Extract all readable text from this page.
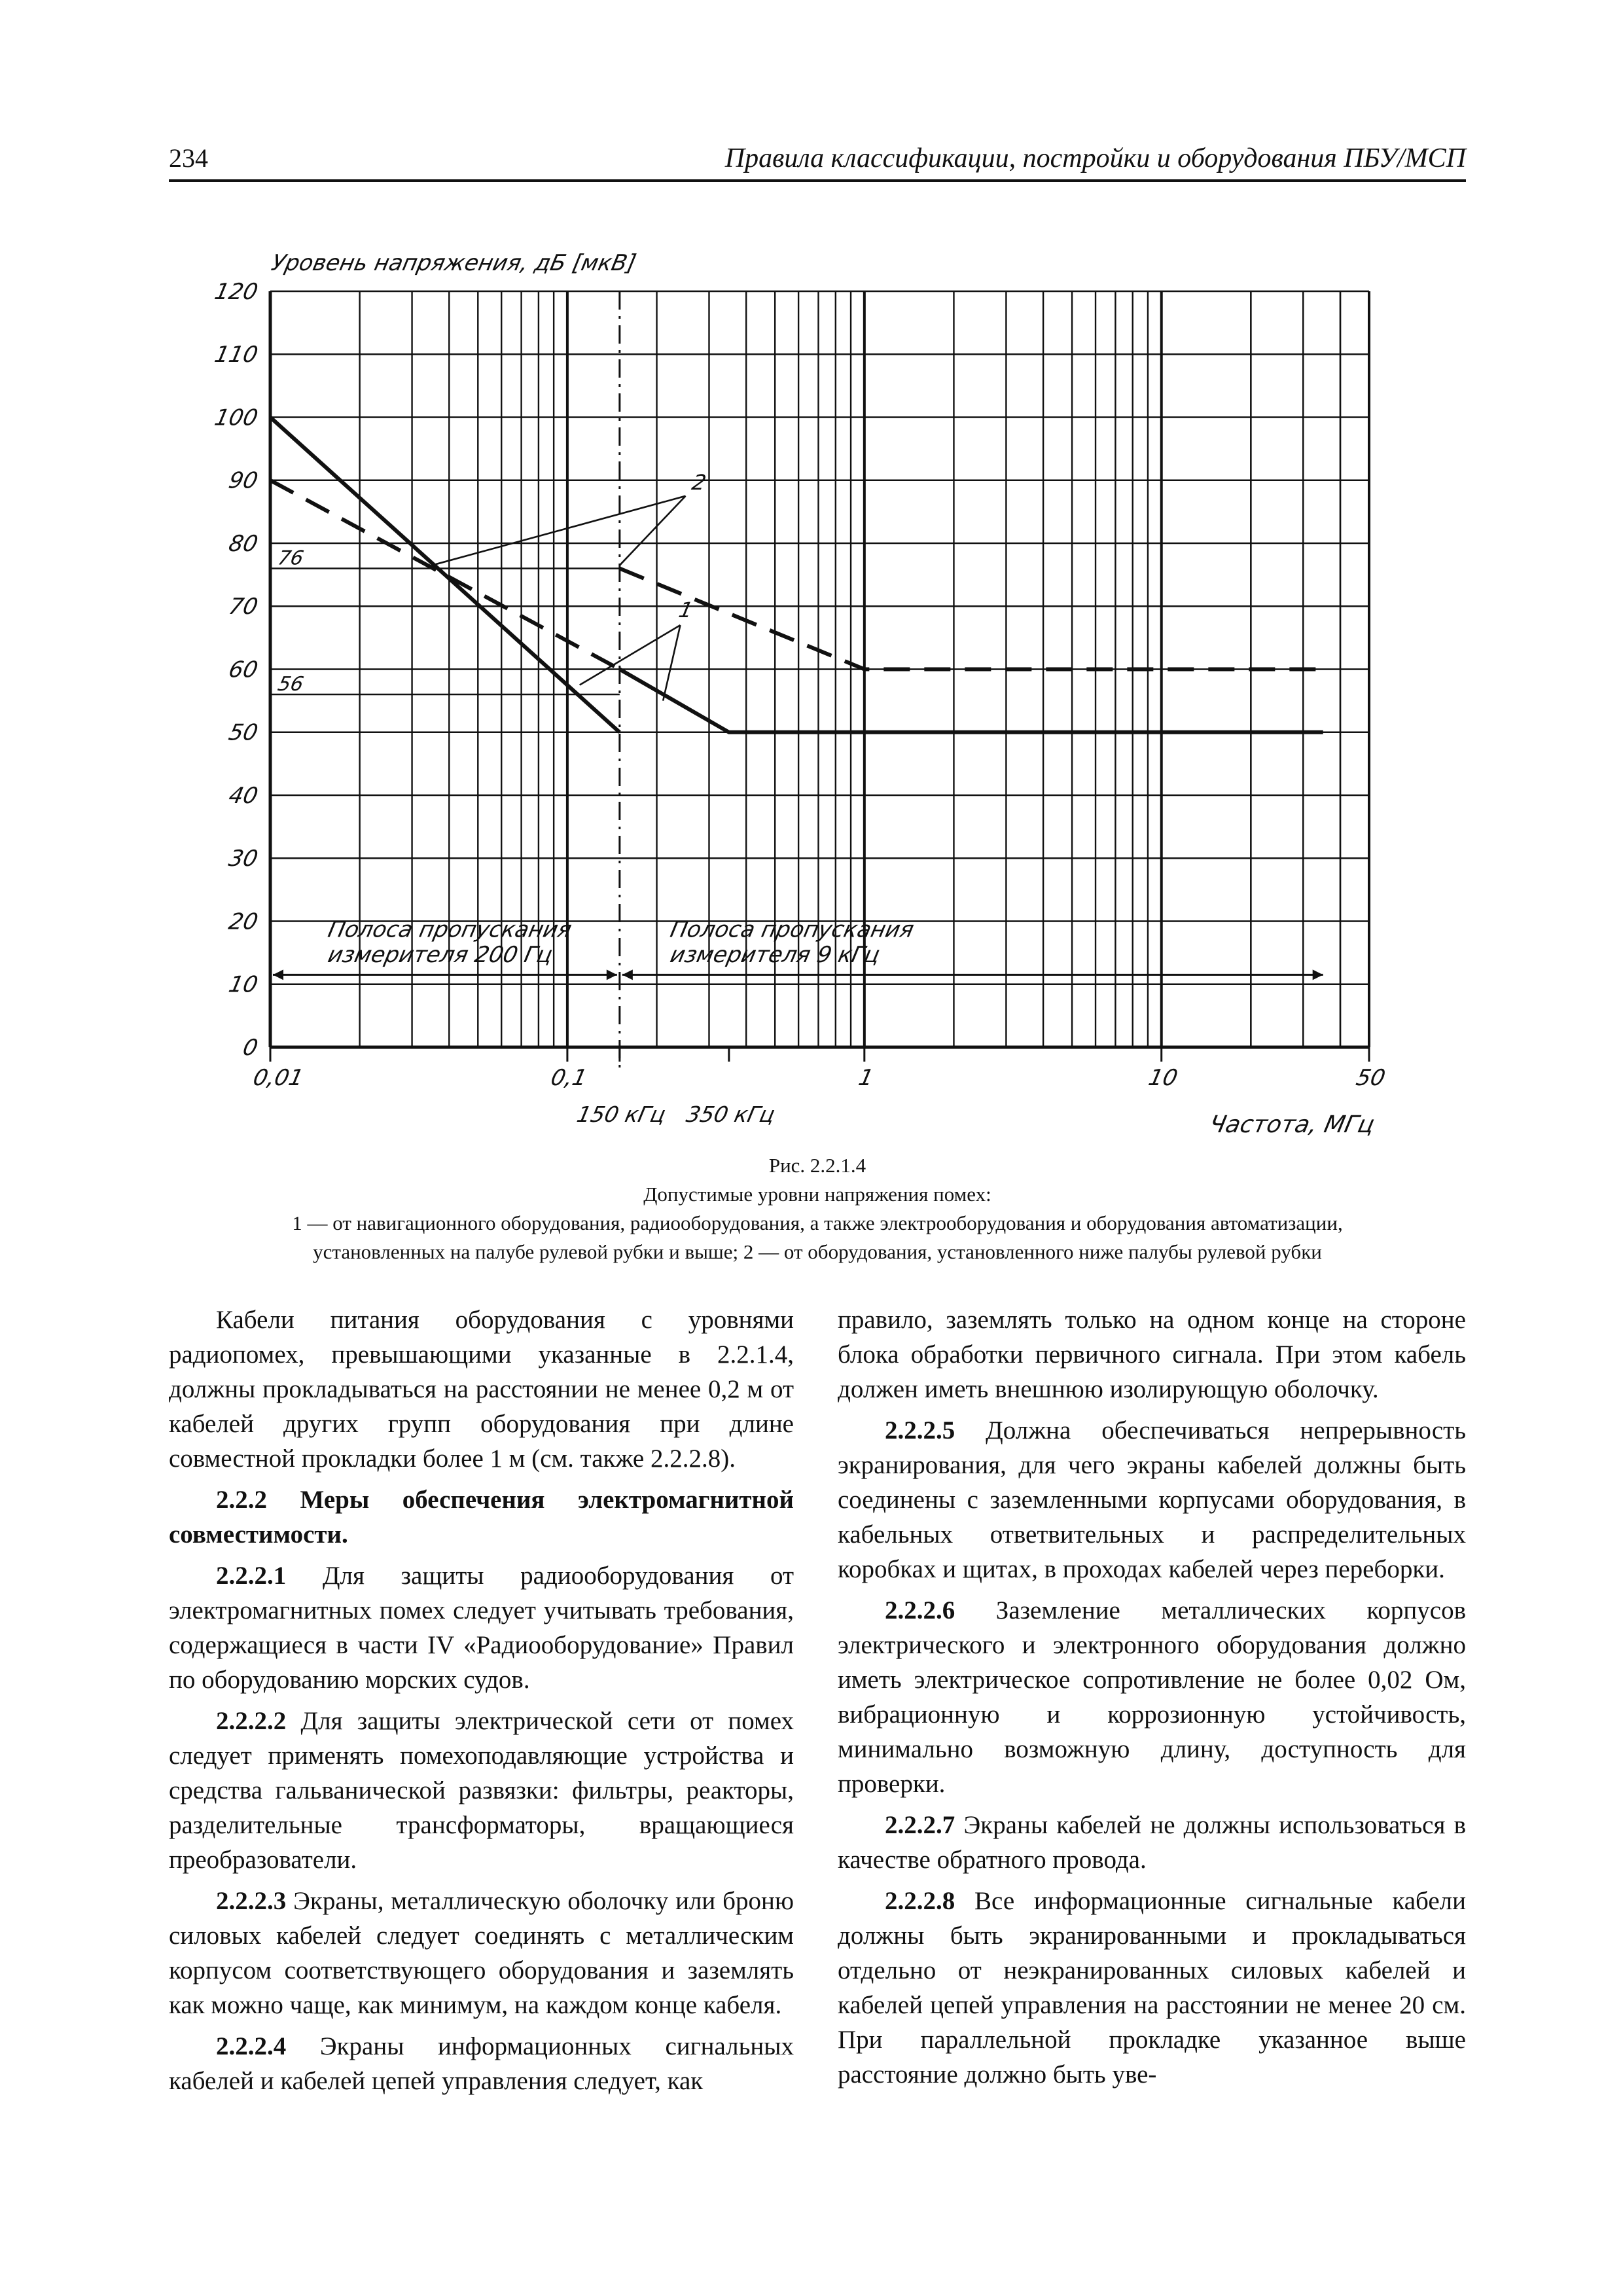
234	Правила классификации, постройки и оборудования ПБУ/МСП
76
56
0
10
20
30
40
50
60
70
80
90
100
110
120
0,01	0,1	1	10	50
150 кГц 350 кГц
Уровень напряжения, дБ [мкВ]
Частота, МГц
2
1
Полоса пропускания
измерителя 200 Гц
Полоса пропускания
измерителя 9 кГц
Рис. 2.2.1.4
Допустимые уровни напряжения помех:
1 — от навигационного оборудования, радиооборудования, а также электрооборудования и оборудования автоматизации,
установленных на палубе рулевой рубки и выше; 2 — от оборудования, установленного ниже палубы рулевой рубки

Кабели питания оборудования с уровнями радиопомех, превышающими указанные в 2.2.1.4, должны прокладываться на расстоянии не менее 0,2 м от кабелей других групп оборудования при длине совместной прокладки более 1 м (см. также 2.2.2.8).

2.2.2 Меры обеспечения электромагнитной совместимости.

2.2.2.1 Для защиты радиооборудования от электромагнитных помех следует учитывать требования, содержащиеся в части IV «Радиооборудование» Правил по оборудованию морских судов.

2.2.2.2 Для защиты электрической сети от помех следует применять помехоподавляющие устройства и средства гальванической развязки: фильтры, реакторы, разделительные трансформаторы, вращающиеся преобразователи.

2.2.2.3 Экраны, металлическую оболочку или броню силовых кабелей следует соединять с металлическим корпусом соответствующего оборудования и заземлять как можно чаще, как минимум, на каждом конце кабеля.

2.2.2.4 Экраны информационных сигнальных кабелей и кабелей цепей управления следует, как

правило, заземлять только на одном конце на стороне блока обработки первичного сигнала. При этом кабель должен иметь внешнюю изолирующую оболочку.

2.2.2.5 Должна обеспечиваться непрерывность экранирования, для чего экраны кабелей должны быть соединены с заземленными корпусами оборудования, в кабельных ответвительных и распределительных коробках и щитах, в проходах кабелей через переборки.

2.2.2.6 Заземление металлических корпусов электрического и электронного оборудования должно иметь электрическое сопротивление не более 0,02 Ом, вибрационную и коррозионную устойчивость, минимально возможную длину, доступность для проверки.

2.2.2.7 Экраны кабелей не должны использоваться в качестве обратного провода.

2.2.2.8 Все информационные сигнальные кабели должны быть экранированными и прокладываться отдельно от неэкранированных силовых кабелей и кабелей цепей управления на расстоянии не менее 20 см. При параллельной прокладке указанное выше расстояние должно быть уве-
